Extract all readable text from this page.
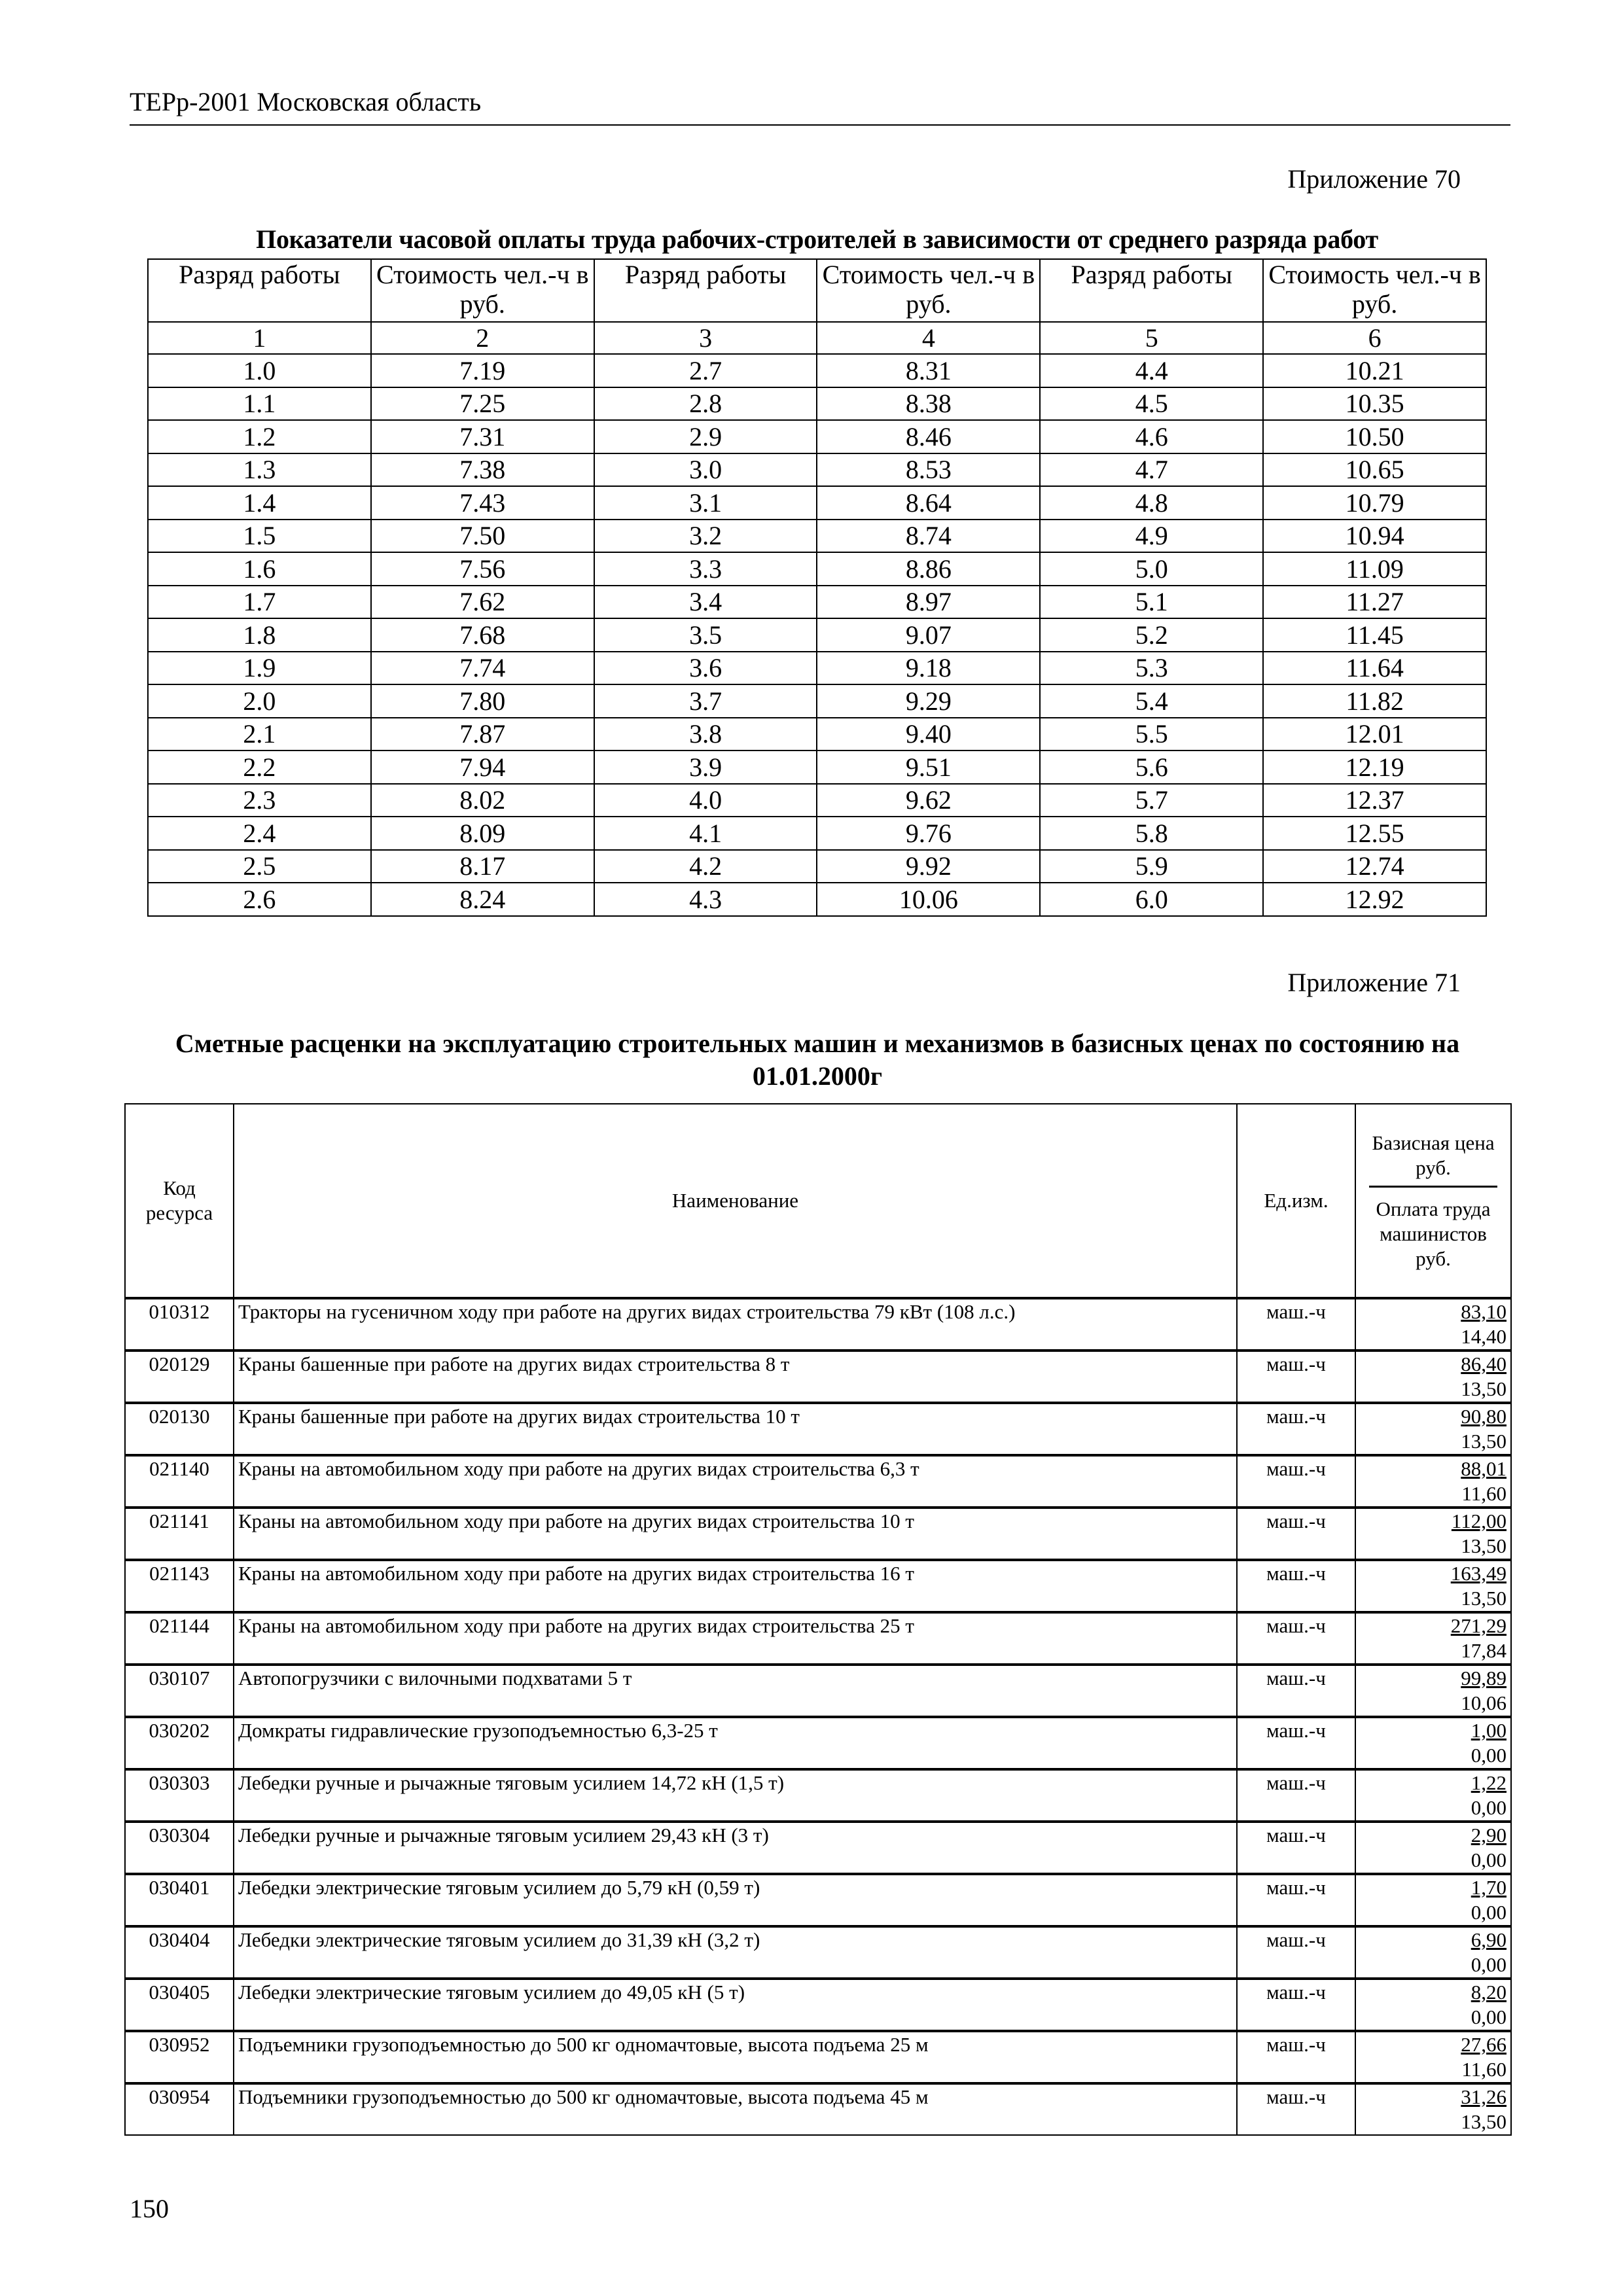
ТЕРр-2001 Московская область
Приложение 70
Показатели часовой оплаты труда рабочих-строителей в зависимости от среднего разряда работ
Разряд работы	Стоимость чел.-ч в руб.	Разряд работы	Стоимость чел.-ч в руб.	Разряд работы	Стоимость чел.-ч в руб.
1	2	3	4	5	6
1.0	7.19	2.7	8.31	4.4	10.21
1.1	7.25	2.8	8.38	4.5	10.35
1.2	7.31	2.9	8.46	4.6	10.50
1.3	7.38	3.0	8.53	4.7	10.65
1.4	7.43	3.1	8.64	4.8	10.79
1.5	7.50	3.2	8.74	4.9	10.94
1.6	7.56	3.3	8.86	5.0	11.09
1.7	7.62	3.4	8.97	5.1	11.27
1.8	7.68	3.5	9.07	5.2	11.45
1.9	7.74	3.6	9.18	5.3	11.64
2.0	7.80	3.7	9.29	5.4	11.82
2.1	7.87	3.8	9.40	5.5	12.01
2.2	7.94	3.9	9.51	5.6	12.19
2.3	8.02	4.0	9.62	5.7	12.37
2.4	8.09	4.1	9.76	5.8	12.55
2.5	8.17	4.2	9.92	5.9	12.74
2.6	8.24	4.3	10.06	6.0	12.92
Приложение 71
Сметные расценки на эксплуатацию строительных машин и механизмов в базисных ценах по состоянию на 01.01.2000г
Код ресурса	Наименование	Ед.изм.	Базисная цена руб.
Оплата труда машинистов руб.

010312	Тракторы на гусеничном ходу при работе на других видах строительства 79 кВт (108 л.с.)	маш.-ч	83,10
14,40

020129	Краны башенные при работе на других видах строительства 8 т	маш.-ч	86,40
13,50

020130	Краны башенные при работе на других видах строительства 10 т	маш.-ч	90,80
13,50

021140	Краны на автомобильном ходу при работе на других видах строительства 6,3 т	маш.-ч	88,01
11,60

021141	Краны на автомобильном ходу при работе на других видах строительства 10 т	маш.-ч	112,00
13,50

021143	Краны на автомобильном ходу при работе на других видах строительства 16 т	маш.-ч	163,49
13,50

021144	Краны на автомобильном ходу при работе на других видах строительства 25 т	маш.-ч	271,29
17,84

030107	Автопогрузчики с вилочными подхватами 5 т	маш.-ч	99,89
10,06

030202	Домкраты гидравлические грузоподъемностью 6,3-25 т	маш.-ч	1,00
0,00

030303	Лебедки ручные и рычажные тяговым усилием 14,72 кН (1,5 т)	маш.-ч	1,22
0,00

030304	Лебедки ручные и рычажные тяговым усилием 29,43 кН (3 т)	маш.-ч	2,90
0,00

030401	Лебедки электрические тяговым усилием до 5,79 кН (0,59 т)	маш.-ч	1,70
0,00

030404	Лебедки электрические тяговым усилием до 31,39 кН (3,2 т)	маш.-ч	6,90
0,00

030405	Лебедки электрические тяговым усилием до 49,05 кН (5 т)	маш.-ч	8,20
0,00

030952	Подъемники грузоподъемностью до 500 кг одномачтовые, высота подъема 25 м	маш.-ч	27,66
11,60

030954	Подъемники грузоподъемностью до 500 кг одномачтовые, высота подъема 45 м	маш.-ч	31,26
13,50
150
